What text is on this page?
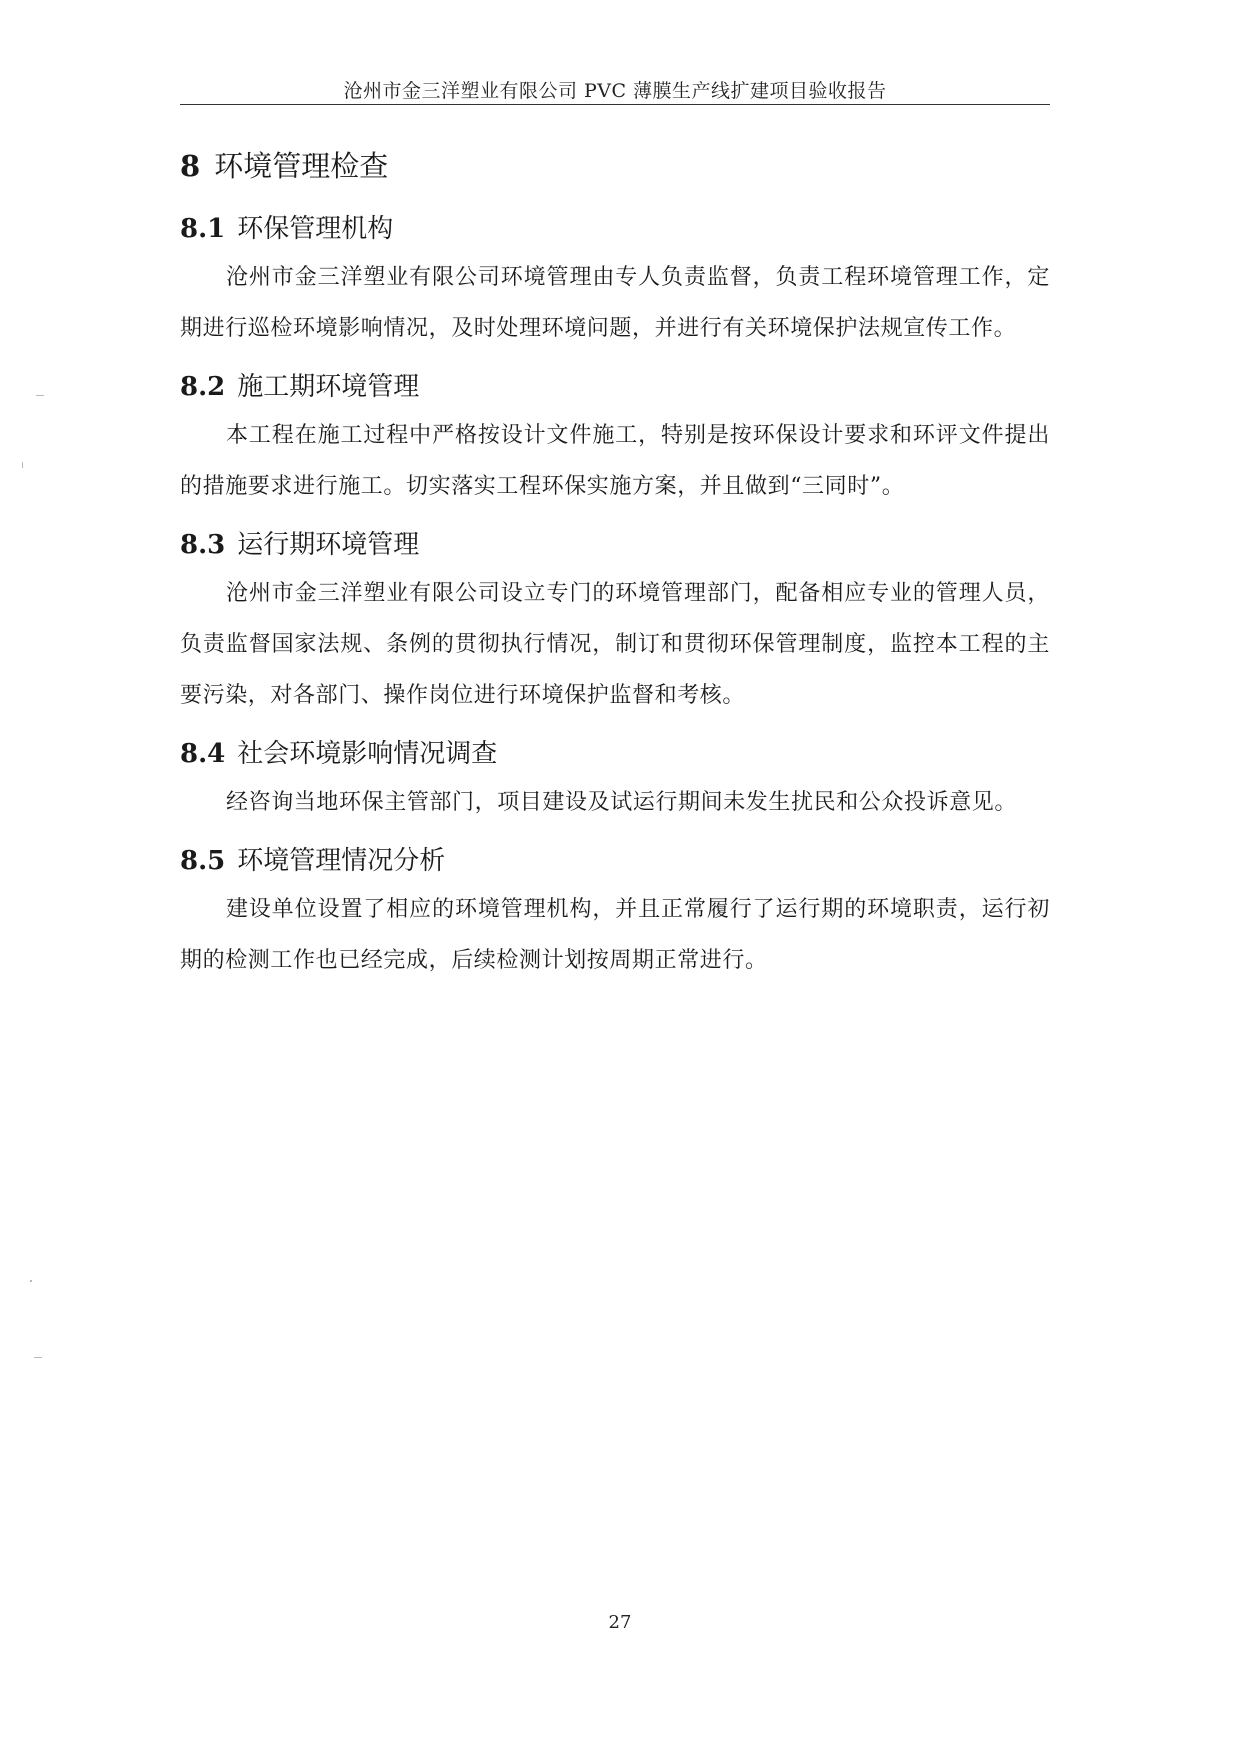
沧州市金三洋塑业有限公司 PVC 薄膜生产线扩建项目验收报告
8 环境管理检查
8.1 环保管理机构

沧州市金三洋塑业有限公司环境管理由专人负责监督，负责工程环境管理工作，定期进行巡检环境影响情况，及时处理环境问题，并进行有关环境保护法规宣传工作。

8.2 施工期环境管理

本工程在施工过程中严格按设计文件施工，特别是按环保设计要求和环评文件提出的措施要求进行施工。切实落实工程环保实施方案，并且做到“三同时”。

8.3 运行期环境管理

沧州市金三洋塑业有限公司设立专门的环境管理部门，配备相应专业的管理人员，负责监督国家法规、条例的贯彻执行情况，制订和贯彻环保管理制度，监控本工程的主要污染，对各部门、操作岗位进行环境保护监督和考核。

8.4 社会环境影响情况调查

经咨询当地环保主管部门，项目建设及试运行期间未发生扰民和公众投诉意见。

8.5 环境管理情况分析

建设单位设置了相应的环境管理机构，并且正常履行了运行期的环境职责，运行初期的检测工作也已经完成，后续检测计划按周期正常进行。

27
